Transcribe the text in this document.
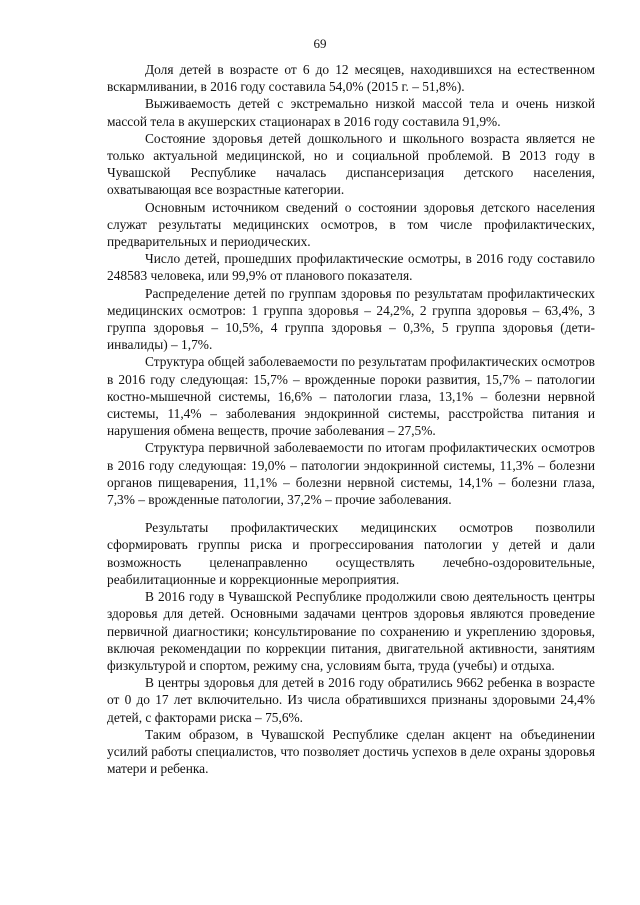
69

Доля детей в возрасте от 6 до 12 месяцев, находившихся на естественном вскармливании, в 2016 году составила 54,0% (2015 г. – 51,8%).

Выживаемость детей с экстремально низкой массой тела и очень низкой массой тела в акушерских стационарах в 2016 году составила 91,9%.

Состояние здоровья детей дошкольного и школьного возраста является не только актуальной медицинской, но и социальной проблемой. В 2013 году в Чувашской Республике началась диспансеризация детского населения, охватывающая все возрастные категории.

Основным источником сведений о состоянии здоровья детского населения служат результаты медицинских осмотров, в том числе профилактических, предварительных и периодических.

Число детей, прошедших профилактические осмотры, в 2016 году составило 248583 человека, или 99,9% от планового показателя.

Распределение детей по группам здоровья по результатам профилактических медицинских осмотров: 1 группа здоровья – 24,2%, 2 группа здоровья – 63,4%, 3 группа здоровья – 10,5%, 4 группа здоровья – 0,3%, 5 группа здоровья (дети-инвалиды) – 1,7%.

Структура общей заболеваемости по результатам профилактических осмотров в 2016 году следующая: 15,7% – врожденные пороки развития, 15,7% – патологии костно-мышечной системы, 16,6% – патологии глаза, 13,1% – болезни нервной системы, 11,4% – заболевания эндокринной системы, расстройства питания и нарушения обмена веществ, прочие заболевания – 27,5%.

Структура первичной заболеваемости по итогам профилактических осмотров в 2016 году следующая: 19,0% – патологии эндокринной системы, 11,3% – болезни органов пищеварения, 11,1% – болезни нервной системы, 14,1% – болезни глаза, 7,3% – врожденные патологии, 37,2% – прочие заболевания.

Результаты профилактических медицинских осмотров позволили сформировать группы риска и прогрессирования патологии у детей и дали возможность целенаправленно осуществлять лечебно-оздоровительные, реабилитационные и коррекционные мероприятия.

В 2016 году в Чувашской Республике продолжили свою деятельность центры здоровья для детей. Основными задачами центров здоровья являются проведение первичной диагностики; консультирование по сохранению и укреплению здоровья, включая рекомендации по коррекции питания, двигательной активности, занятиям физкультурой и спортом, режиму сна, условиям быта, труда (учебы) и отдыха.

В центры здоровья для детей в 2016 году обратились 9662 ребенка в возрасте от 0 до 17 лет включительно. Из числа обратившихся признаны здоровыми 24,4% детей, с факторами риска – 75,6%.

Таким образом, в Чувашской Республике сделан акцент на объединении усилий работы специалистов, что позволяет достичь успехов в деле охраны здоровья матери и ребенка.
